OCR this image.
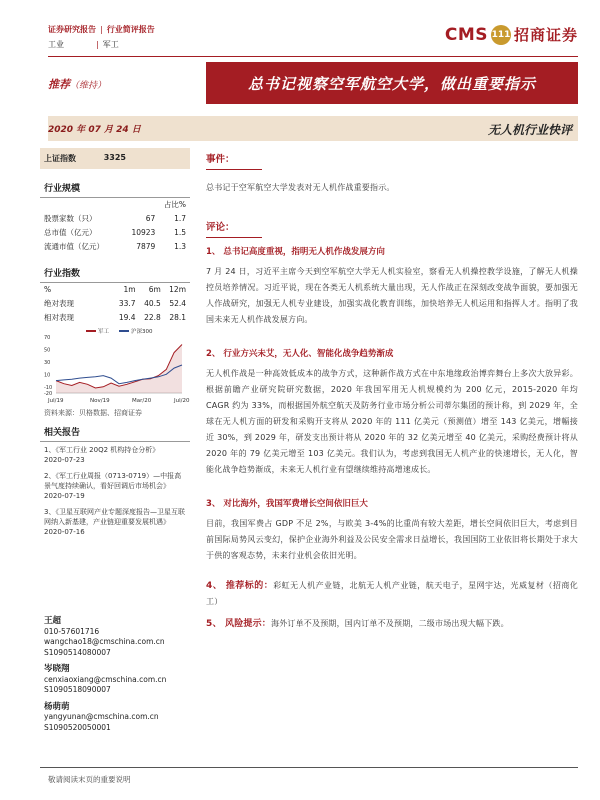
证券研究报告 | 行业简评报告
工业	| 军工	CMS 111 招商证券
推荐（维持）	总书记视察空军航空大学，做出重要指示
2020 年 07 月 24 日	无人机行业快评
上证指数	3325
行业规模
占比%
股票家数（只）	67	1.7
总市值（亿元）	10923	1.5
流通市值（亿元）	7879	1.3
行业指数
%	1m	6m	12m
绝对表现	33.7	40.5	52.4
相对表现	19.4	22.8	28.1
军工	沪深300
70
50
30
10
-10
-20
Jul/19	Nov/19	Mar/20	Jul/20
资料来源：贝格数据、招商证券
相关报告
1、《军工行业 20Q2 机构持仓分析》
2020-07-23
2、《军工行业周报（0713-0719）—中报高景气度持续确认，看好回调后市场机会》
2020-07-19
3、《卫星互联网产业专题深度报告—卫星互联网纳入新基建，产业链迎重要发展机遇》
2020-07-16
王超
010-57601716
wangchao18@cmschina.com.cn
S1090514080007
岑晓翔
cenxiaoxiang@cmschina.com.cn
S1090518090007
杨萌萌
yangyunan@cmschina.com.cn
S1090520050001
事件：
总书记于空军航空大学发表对无人机作战重要指示。
评论：
1、 总书记高度重视，指明无人机作战发展方向
7 月 24 日，习近平主席今天到空军航空大学无人机实验室，察看无人机操控教学设施，了解无人机操控员培养情况。习近平说，现在各类无人机系统大量出现，无人作战正在深刻改变战争面貌，要加强无人作战研究，加强无人机专业建设，加强实战化教育训练，加快培养无人机运用和指挥人才。指明了我国未来无人机作战发展方向。
2、 行业方兴未艾，无人化、智能化战争趋势渐成
无人机作战是一种高效低成本的战争方式，这种新作战方式在中东地缘政治博弈舞台上多次大放异彩。根据前瞻产业研究院研究数据，2020 年我国军用无人机规模约为 200 亿元，2015-2020 年均 CAGR 约为 33%，而根据国外航空航天及防务行业市场分析公司蒂尔集团的预计称，到 2029 年，全球在无人机方面的研发和采购开支将从 2020 年的 111 亿美元（预测值）增至 143 亿美元，增幅接近 30%，到 2029 年，研发支出预计将从 2020 年的 32 亿美元增至 40 亿美元，采购经费预计将从 2020 年的 79 亿美元增至 103 亿美元。我们认为，考虑到我国无人机产业的快速增长，无人化，智能化战争趋势渐成，未来无人机行业有望继续维持高增速成长。
3、 对比海外，我国军费增长空间依旧巨大
目前，我国军费占 GDP 不足 2%，与欧美 3-4%的比重尚有较大差距，增长空间依旧巨大，考虑到目前国际局势风云变幻，保护企业海外利益及公民安全需求日益增长，我国国防工业依旧将长期处于求大于供的客观态势，未来行业机会依旧光明。
4、 推荐标的：彩虹无人机产业链，北航无人机产业链，航天电子，星网宇达，光威复材（招商化工）
5、 风险提示：海外订单不及预期，国内订单不及预期，二级市场出现大幅下跌。
敬请阅读末页的重要说明
